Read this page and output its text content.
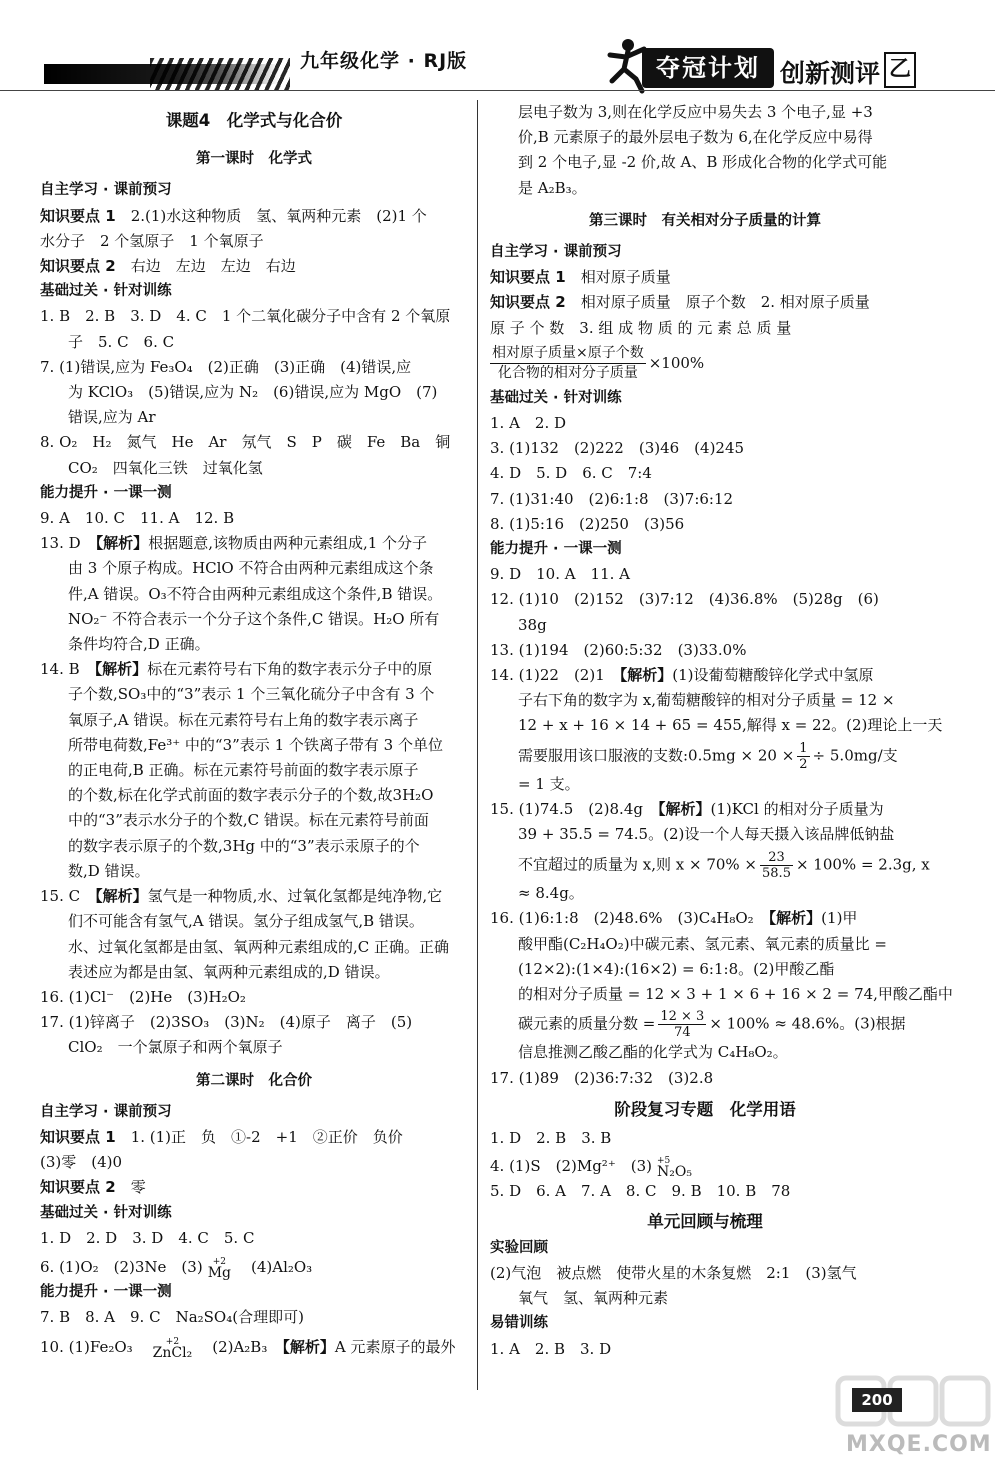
九年级化学 · RJ版	夺冠计划 创新测评 乙
课题4　化学式与化合价
第一课时　化学式
自主学习 · 课前预习
知识要点 1　 2.(1)水这种物质　氢、氧两种元素　(2)1 个
水分子　2 个氢原子　1 个氧原子
知识要点 2　 右边　左边　左边　右边
基础过关 · 针对训练
1. B　2. B　3. D　4. C　1 个二氧化碳分子中含有 2 个氧原
子　5. C　6. C
7. (1)错误,应为 Fe₃O₄　(2)正确　(3)正确　(4)错误,应
为 KClO₃　(5)错误,应为 N₂　(6)错误,应为 MgO　(7)
错误,应为 Ar
8. O₂　H₂　氮气　He　Ar　氖气　S　P　碳　Fe　Ba　铜
CO₂　四氧化三铁　过氧化氢
能力提升 · 一课一测
9. A　10. C　11. A　12. B
13. D　 【解析】根据题意,该物质由两种元素组成,1 个分子
由 3 个原子构成。HClO 不符合由两种元素组成这个条
件,A 错误。O₃不符合由两种元素组成这个条件,B 错误。
NO₂⁻ 不符合表示一个分子这个条件,C 错误。H₂O 所有
条件均符合,D 正确。
14. B　 【解析】标在元素符号右下角的数字表示分子中的原
子个数,SO₃中的“3”表示 1 个三氧化硫分子中含有 3 个
氧原子,A 错误。标在元素符号右上角的数字表示离子
所带电荷数,Fe³⁺ 中的“3”表示 1 个铁离子带有 3 个单位
的正电荷,B 正确。标在元素符号前面的数字表示原子
的个数,标在化学式前面的数字表示分子的个数,故3H₂O
中的“3”表示水分子的个数,C 错误。标在元素符号前面
的数字表示原子的个数,3Hg 中的“3”表示汞原子的个
数,D 错误。
15. C　 【解析】氢气是一种物质,水、过氧化氢都是纯净物,它
们不可能含有氢气,A 错误。氢分子组成氢气,B 错误。
水、过氧化氢都是由氢、氧两种元素组成的,C 正确。正确
表述应为都是由氢、氧两种元素组成的,D 错误。
16. (1)Cl⁻　(2)He　(3)H₂O₂
17. (1)锌离子　(2)3SO₃　(3)N₂　(4)原子　离子　(5)
ClO₂　一个氯原子和两个氧原子
第二课时　化合价
自主学习 · 课前预习
知识要点 1　 1. (1)正　负　①-2　+1　②正价　负价
(3)零　(4)0
知识要点 2　 零
基础过关 · 针对训练
1. D　2. D　3. D　4. C　5. C
6. (1)O₂　(2)3Ne　(3)	+2
Mg 　(4)Al₂O₃
能力提升 · 一课一测
7. B　8. A　9. C　Na₂SO₄(合理即可)
10. (1)Fe₂O₃　	+2
ZnCl₂ 　(2)A₂B₃　【解析】A 元素原子的最外
层电子数为 3,则在化学反应中易失去 3 个电子,显 +3
价,B 元素原子的最外层电子数为 6,在化学反应中易得
到 2 个电子,显 -2 价,故 A、B 形成化合物的化学式可能
是 A₂B₃。
第三课时　有关相对分子质量的计算
自主学习 · 课前预习
知识要点 1　 相对原子质量
知识要点 2　 相对原子质量　原子个数　2. 相对原子质量
原 子 个 数　3. 组 成 物 质 的 元 素 总 质 量
$\frac{\text{相对原子质量×原子个数}}{\text{化合物的相对分子质量}} \times 100\%$
基础过关 · 针对训练
1. A　2. D
3. (1)132　(2)222　(3)46　(4)245
4. D　5. D　6. C　7:4
7. (1)31:40　(2)6:1:8　(3)7:6:12
8. (1)5:16　(2)250　(3)56
能力提升 · 一课一测
9. D　10. A　11. A
12. (1)10　(2)152　(3)7:12　(4)36.8%　(5)28g　(6)
38g
13. (1)194　(2)60:5:32　(3)33.0%
14. (1)22　(2)1　【解析】(1)设葡萄糖酸锌化学式中氢原
子右下角的数字为 x,葡萄糖酸锌的相对分子质量 = 12 ×
12 + x + 16 × 14 + 65 = 455,解得 x = 22。(2)理论上一天
需要服用该口服液的支数:0.5mg × $20 \times \frac{1}{2} \div 5.0mg/$支
= 1 支。
15. (1)74.5　(2)8.4g　【解析】(1)KCl 的相对分子质量为
39 + 35.5 = 74.5。(2)设一个人每天摄入该品牌低钠盐
不宜超过的质量为 x,则 $x \times 70\% \times \frac{23}{58.5} \times 100\% = 2.3g$, x
≈ 8.4g。
16. (1)6:1:8　(2)48.6%　(3)C₄H₈O₂　【解析】(1)甲
酸甲酯(C₂H₄O₂)中碳元素、氢元素、氧元素的质量比 =
(12×2):(1×4):(16×2) = 6:1:8。(2)甲酸乙酯
的相对分子质量 = 12 × 3 + 1 × 6 + 16 × 2 = 74,甲酸乙酯中
碳元素的质量分数 = $\frac{12 \times 3}{74} \times 100\% \approx 48.6\%$。(3)根据
信息推测乙酸乙酯的化学式为 C₄H₈O₂。
17. (1)89　(2)36:7:32　(3)2.8
阶段复习专题　化学用语
1. D　2. B　3. B
4. (1)S　(2)Mg²⁺　(3) +5
N₂O₅
5. D　6. A　7. A　8. C　9. B　10. B　78
单元回顾与梳理
实验回顾
(2)气泡　被点燃　使带火星的木条复燃　2:1　(3)氢气
氧气　氢、氧两种元素
易错训练
1. A　2. B　3. D
200
MXQE.COM
